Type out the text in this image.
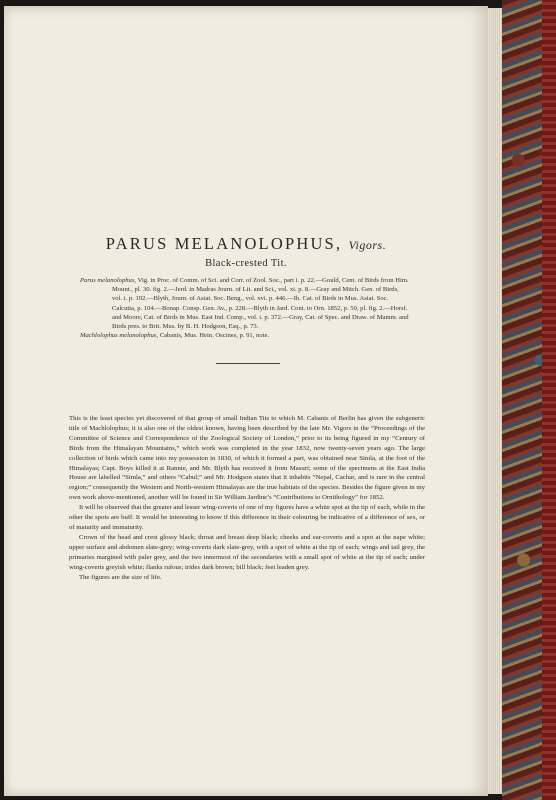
PARUS MELANOLOPHUS, Vigors.
Black-crested Tit.

Parus melanolophus, Vig. in Proc. of Comm. of Sci. and Corr. of Zool. Soc., part i. p. 22.—Gould, Cent. of Birds from Him. Mount., pl. 30. fig. 2.—Jerd. in Madras Journ. of Lit. and Sci., vol. xi. p. 8.—Gray and Mitch. Gen. of Birds, vol. i. p. 192.—Blyth, Journ. of Asiat. Soc. Beng., vol. xvi. p. 446.—Ib. Cat. of Birds in Mus. Asiat. Soc. Calcutta, p. 104.—Bonap. Consp. Gen. Av., p. 228.—Blyth in Jard. Cont. to Orn. 1852, p. 50, pl. fig. 2.—Horsf. and Moore, Cat. of Birds in Mus. East Ind. Comp., vol. i. p. 372.—Gray, Cat. of Spec. and Draw. of Mamm. and Birds pres. to Brit. Mus. by B. H. Hodgson, Esq., p. 73.

Machlolophus melanolophus, Cabanis, Mus. Hein. Oscines, p. 91, note.

This is the least species yet discovered of that group of small Indian Tits to which M. Cabanis of Berlin has given the subgeneric title of Machlolophus; it is also one of the oldest known, having been described by the late Mr. Vigors in the “Proceedings of the Committee of Science and Correspondence of the Zoological Society of London,” prior to its being figured in my “Century of Birds from the Himalayan Mountains,” which work was completed in the year 1832, now twenty-seven years ago. The large collection of birds which came into my possession in 1830, of which it formed a part, was obtained near Simla, at the foot of the Himalayas; Capt. Boys killed it at Rannie, and Mr. Blyth has received it from Masuri; some of the specimens at the East India House are labelled “Simla,” and others “Cabul;” and Mr. Hodgson states that it inhabits “Nepal, Cachar, and is rare in the central region;” consequently the Western and North-western Himalayas are the true habitats of the species. Besides the figure given in my own work above-mentioned, another will be found in Sir William Jardine’s “Contributions to Ornithology” for 1852.

It will be observed that the greater and lesser wing-coverts of one of my figures have a white spot at the tip of each, while in the other the spots are buff. It would be interesting to know if this difference in their colouring be indicative of a difference of sex, or of maturity and immaturity.

Crown of the head and crest glossy black; throat and breast deep black; cheeks and ear-coverts and a spot at the nape white; upper surface and abdomen slate-grey; wing-coverts dark slate-grey, with a spot of white at the tip of each; wings and tail grey, the primaries margined with paler grey, and the two innermost of the secondaries with a small spot of white at the tip of each; under wing-coverts greyish white; flanks rufous; irides dark brown; bill black; feet leaden grey.

The figures are the size of life.
